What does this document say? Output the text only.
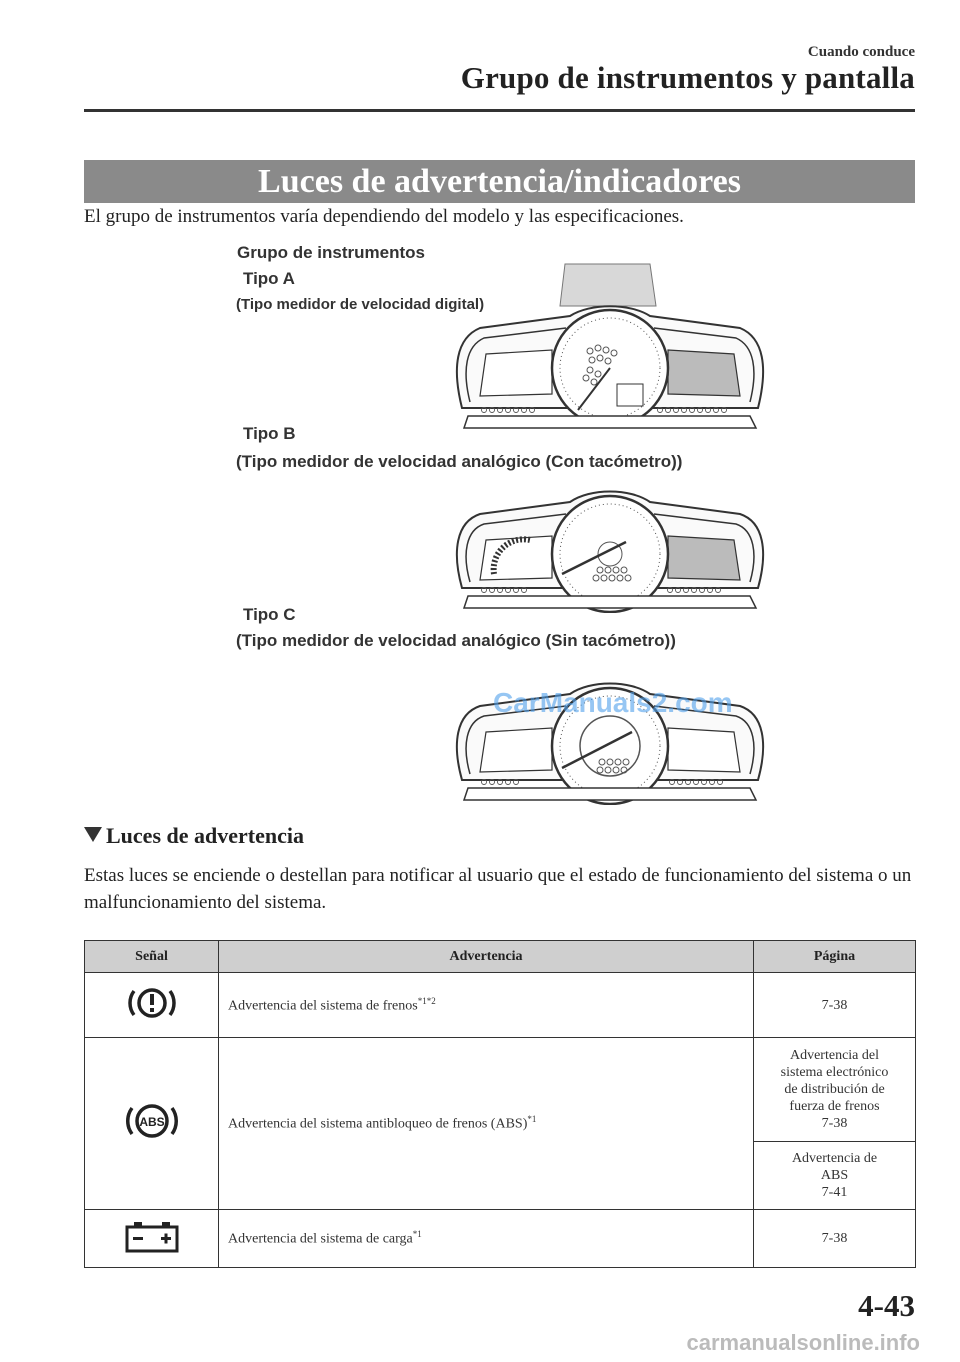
Cuando conduce
Grupo de instrumentos y pantalla
Luces de advertencia/indicadores
El grupo de instrumentos varía dependiendo del modelo y las especificaciones.
Grupo de instrumentos
Tipo A
(Tipo medidor de velocidad digital)
Tipo B
(Tipo medidor de velocidad analógico (Con tacómetro))
Tipo C
(Tipo medidor de velocidad analógico (Sin tacómetro))
CarManuals2.com
Luces de advertencia
Estas luces se enciende o destellan para notificar al usuario que el estado de funcionamiento del sistema o un malfuncionamiento del sistema.
Señal	Advertencia	Página
	Advertencia del sistema de frenos$^{*1*2}$	7-38

ABS	Advertencia del sistema antibloqueo de frenos (ABS)$^{*1}$	Advertencia del
sistema electrónico
de distribución de
fuerza de frenos
7-38

		Advertencia de
ABS
7-41

	Advertencia del sistema de carga$^{*1}$	7-38
4-43
carmanualsonline.info
